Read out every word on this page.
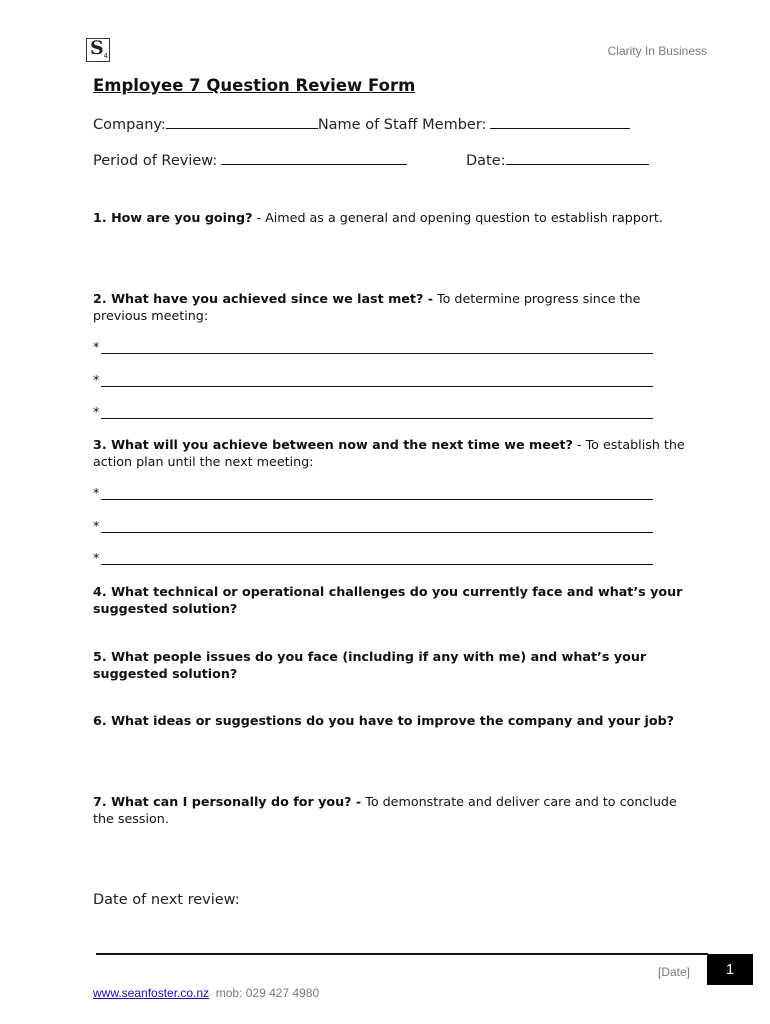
S 4	Clarity In Business
Employee 7 Question Review Form
Company:	Name of Staff Member:
Period of Review:	Date:
1. How are you going? - Aimed as a general and opening question to establish rapport.
2. What have you achieved since we last met? - To determine progress since the previous meeting:
*
*
*
3. What will you achieve between now and the next time we meet? - To establish the action plan until the next meeting:
*
*
*
4. What technical or operational challenges do you currently face and what’s your suggested solution?
5. What people issues do you face (including if any with me) and what’s your suggested solution?
6. What ideas or suggestions do you have to improve the company and your job?
7. What can I personally do for you? - To demonstrate and deliver care and to conclude the session.
Date of next review:
[Date]	1
www.seanfoster.co.nz mob: 029 427 4980
